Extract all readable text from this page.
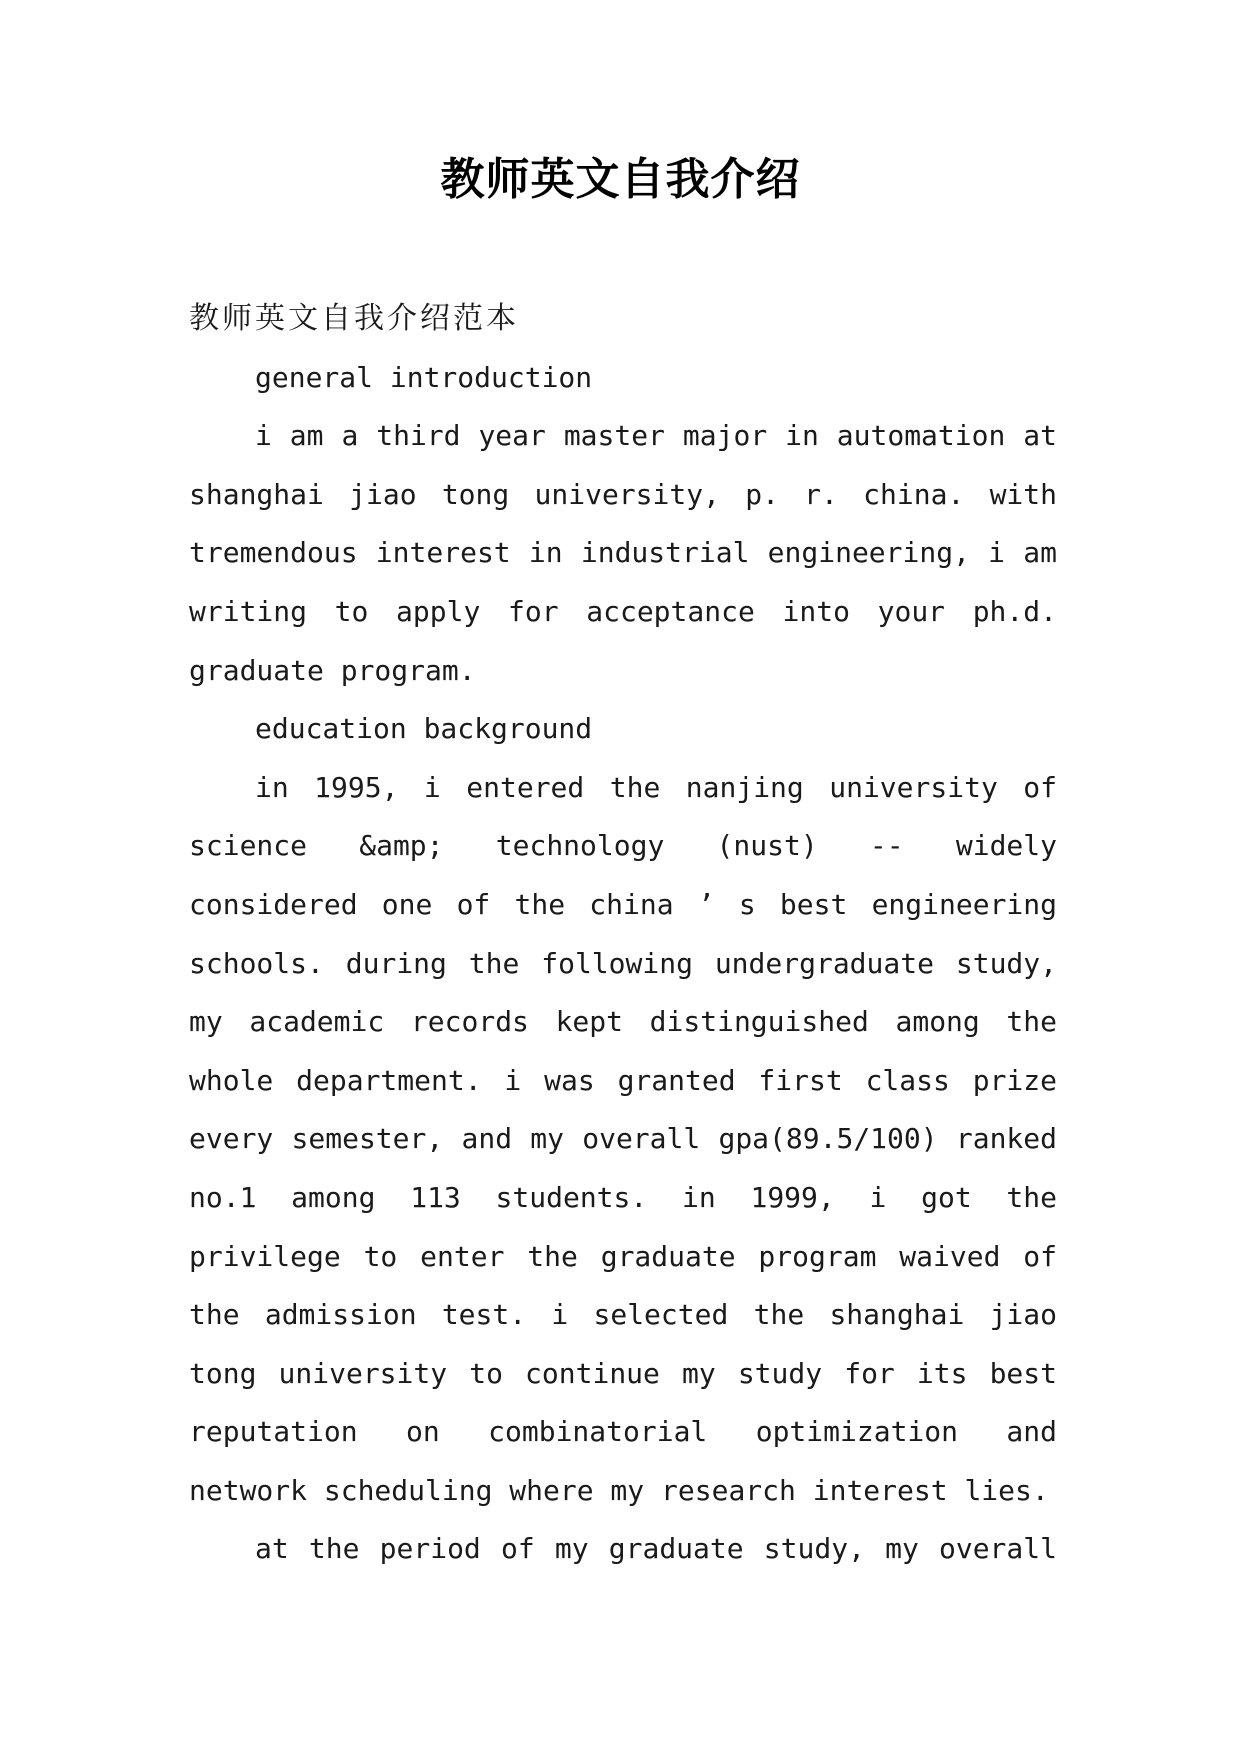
教师英文自我介绍
教师英文自我介绍范本
general introduction
i am a third year master major in automation at
shanghai jiao tong university, p. r. china. with
tremendous interest in industrial engineering, i am
writing to apply for acceptance into your ph.d.
graduate program.
education background
in 1995, i entered the nanjing university of
science &amp; technology (nust) -- widely
considered one of the china ’ s best engineering
schools. during the following undergraduate study,
my academic records kept distinguished among the
whole department. i was granted first class prize
every semester, and my overall gpa(89.5/100) ranked
no.1 among 113 students. in 1999, i got the
privilege to enter the graduate program waived of
the admission test. i selected the shanghai jiao
tong university to continue my study for its best
reputation on combinatorial optimization and
network scheduling where my research interest lies.
at the period of my graduate study, my overall
